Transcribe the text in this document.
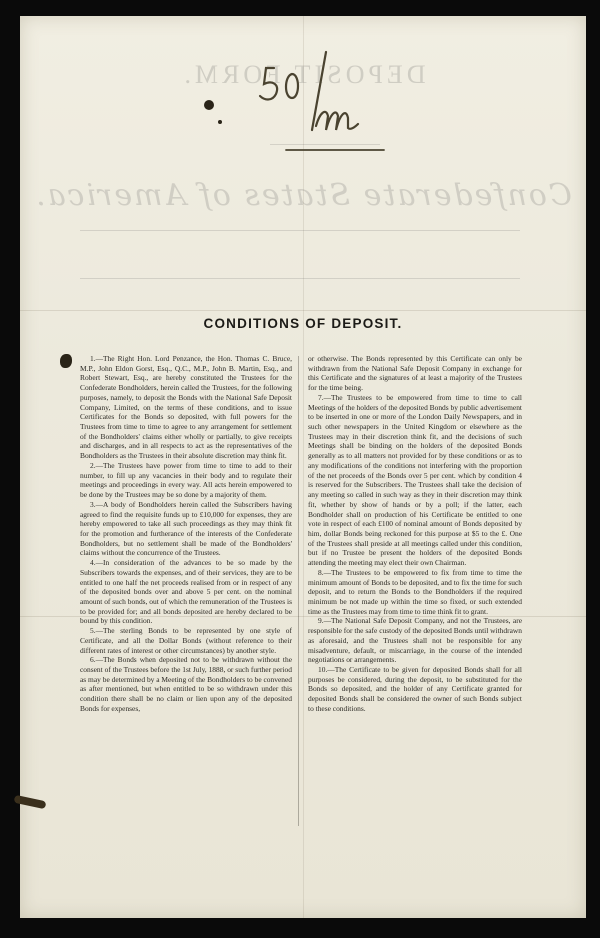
DEPOSIT FORM.
Confederate States of America.
CONDITIONS OF DEPOSIT.

1.—The Right Hon. Lord Penzance, the Hon. Thomas C. Bruce, M.P., John Eldon Gorst, Esq., Q.C., M.P., John B. Martin, Esq., and Robert Stewart, Esq., are hereby constituted the Trustees for the Confederate Bondholders, herein called the Trustees, for the following purposes, namely, to deposit the Bonds with the National Safe Deposit Company, Limited, on the terms of these conditions, and to issue Certificates for the Bonds so deposited, with full powers for the Trustees from time to time to agree to any arrangement for settlement of the Bondholders' claims either wholly or partially, to give receipts and discharges, and in all respects to act as the representatives of the Bondholders as the Trustees in their absolute discretion may think fit.

2.—The Trustees have power from time to time to add to their number, to fill up any vacancies in their body and to regulate their meetings and proceedings in every way. All acts herein empowered to be done by the Trustees may be so done by a majority of them.

3.—A body of Bondholders herein called the Subscribers having agreed to find the requisite funds up to £10,000 for expenses, they are hereby empowered to take all such proceedings as they may think fit for the promotion and furtherance of the interests of the Confederate Bondholders, but no settlement shall be made of the Bondholders' claims without the concurrence of the Trustees.

4.—In consideration of the advances to be so made by the Subscribers towards the expenses, and of their services, they are to be entitled to one half the net proceeds realised from or in respect of any of the deposited bonds over and above 5 per cent. on the nominal amount of such bonds, out of which the remuneration of the Trustees is to be provided for; and all bonds deposited are hereby declared to be bound by this condition.

5.—The sterling Bonds to be represented by one style of Certificate, and all the Dollar Bonds (without reference to their different rates of interest or other circumstances) by another style.

6.—The Bonds when deposited not to be withdrawn without the consent of the Trustees before the 1st July, 1888, or such further period as may be determined by a Meeting of the Bondholders to be convened as after mentioned, but when entitled to be so withdrawn under this condition there shall be no claim or lien upon any of the deposited Bonds for expenses,

or otherwise. The Bonds represented by this Certificate can only be withdrawn from the National Safe Deposit Company in exchange for this Certificate and the signatures of at least a majority of the Trustees for the time being.

7.—The Trustees to be empowered from time to time to call Meetings of the holders of the deposited Bonds by public advertisement to be inserted in one or more of the London Daily Newspapers, and in such other newspapers in the United Kingdom or elsewhere as the Trustees may in their discretion think fit, and the decisions of such Meetings shall be binding on the holders of the deposited Bonds generally as to all matters not provided for by these conditions or as to any modifications of the conditions not interfering with the proportion of the net proceeds of the Bonds over 5 per cent. which by condition 4 is reserved for the Subscribers. The Trustees shall take the decision of any meeting so called in such way as they in their discretion may think fit, whether by show of hands or by a poll; if the latter, each Bondholder shall on production of his Certificate be entitled to one vote in respect of each £100 of nominal amount of Bonds deposited by him, dollar Bonds being reckoned for this purpose at $5 to the £. One of the Trustees shall preside at all meetings called under this condition, but if no Trustee be present the holders of the deposited Bonds attending the meeting may elect their own Chairman.

8.—The Trustees to be empowered to fix from time to time the minimum amount of Bonds to be deposited, and to fix the time for such deposit, and to return the Bonds to the Bondholders if the required minimum be not made up within the time so fixed, or such extended time as the Trustees may from time to time think fit to grant.

9.—The National Safe Deposit Company, and not the Trustees, are responsible for the safe custody of the deposited Bonds until withdrawn as aforesaid, and the Trustees shall not be responsible for any misadventure, default, or miscarriage, in the course of the intended negotiations or arrangements.

10.—The Certificate to be given for deposited Bonds shall for all purposes be considered, during the deposit, to be substituted for the Bonds so deposited, and the holder of any Certificate granted for deposited Bonds shall be considered the owner of such Bonds subject to these conditions.
